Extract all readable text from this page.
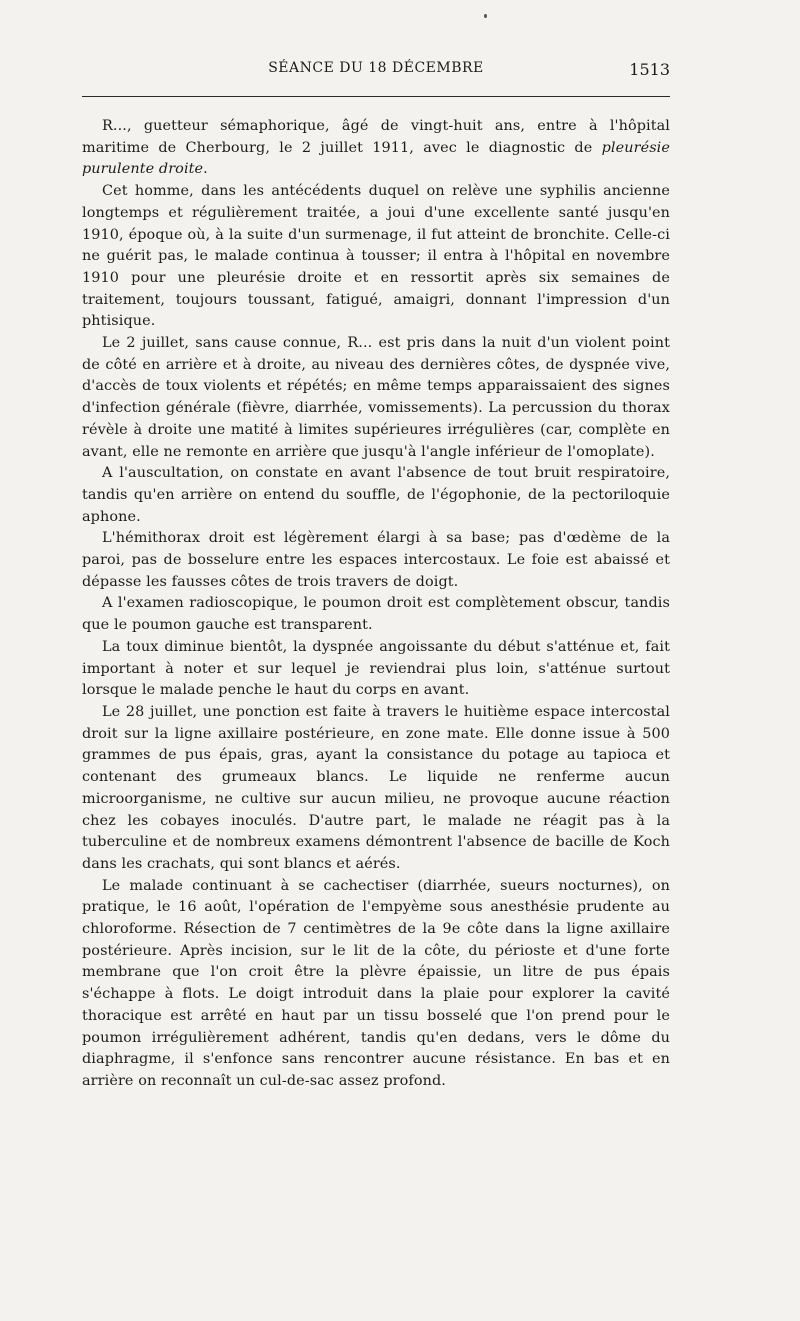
SÉANCE DU 18 DÉCEMBRE	1513

R..., guetteur sémaphorique, âgé de vingt-huit ans, entre à l'hôpital maritime de Cherbourg, le 2 juillet 1911, avec le diagnostic de pleurésie purulente droite.

Cet homme, dans les antécédents duquel on relève une syphilis ancienne longtemps et régulièrement traitée, a joui d'une excellente santé jusqu'en 1910, époque où, à la suite d'un surmenage, il fut atteint de bronchite. Celle-ci ne guérit pas, le malade continua à tousser; il entra à l'hôpital en novembre 1910 pour une pleurésie droite et en ressortit après six semaines de traitement, toujours toussant, fatigué, amaigri, donnant l'impression d'un phtisique.

Le 2 juillet, sans cause connue, R... est pris dans la nuit d'un violent point de côté en arrière et à droite, au niveau des dernières côtes, de dyspnée vive, d'accès de toux violents et répétés; en même temps apparaissaient des signes d'infection générale (fièvre, diarrhée, vomissements). La percussion du thorax révèle à droite une matité à limites supérieures irrégulières (car, complète en avant, elle ne remonte en arrière que jusqu'à l'angle inférieur de l'omoplate).

A l'auscultation, on constate en avant l'absence de tout bruit respiratoire, tandis qu'en arrière on entend du souffle, de l'égophonie, de la pectoriloquie aphone.

L'hémithorax droit est légèrement élargi à sa base; pas d'œdème de la paroi, pas de bosselure entre les espaces intercostaux. Le foie est abaissé et dépasse les fausses côtes de trois travers de doigt.

A l'examen radioscopique, le poumon droit est complètement obscur, tandis que le poumon gauche est transparent.

La toux diminue bientôt, la dyspnée angoissante du début s'atténue et, fait important à noter et sur lequel je reviendrai plus loin, s'atténue surtout lorsque le malade penche le haut du corps en avant.

Le 28 juillet, une ponction est faite à travers le huitième espace intercostal droit sur la ligne axillaire postérieure, en zone mate. Elle donne issue à 500 grammes de pus épais, gras, ayant la consistance du potage au tapioca et contenant des grumeaux blancs. Le liquide ne renferme aucun microorganisme, ne cultive sur aucun milieu, ne provoque aucune réaction chez les cobayes inoculés. D'autre part, le malade ne réagit pas à la tuberculine et de nombreux examens démontrent l'absence de bacille de Koch dans les crachats, qui sont blancs et aérés.

Le malade continuant à se cachectiser (diarrhée, sueurs nocturnes), on pratique, le 16 août, l'opération de l'empyème sous anesthésie prudente au chloroforme. Résection de 7 centimètres de la 9e côte dans la ligne axillaire postérieure. Après incision, sur le lit de la côte, du périoste et d'une forte membrane que l'on croit être la plèvre épaissie, un litre de pus épais s'échappe à flots. Le doigt introduit dans la plaie pour explorer la cavité thoracique est arrêté en haut par un tissu bosselé que l'on prend pour le poumon irrégulièrement adhérent, tandis qu'en dedans, vers le dôme du diaphragme, il s'enfonce sans rencontrer aucune résistance. En bas et en arrière on reconnaît un cul-de-sac assez profond.
